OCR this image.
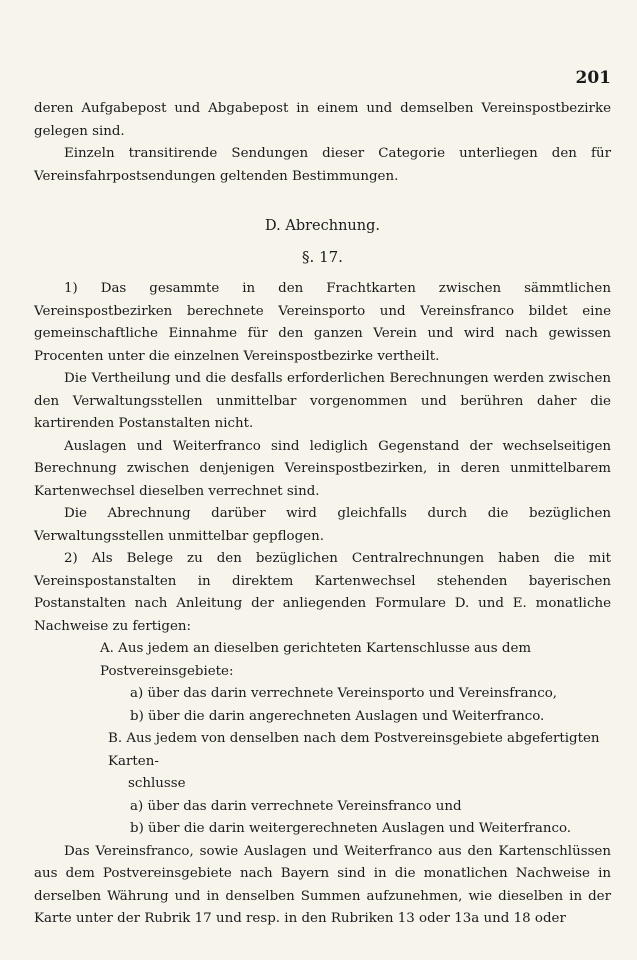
201

deren Aufgabepost und Abgabepost in einem und demselben Vereinspostbezirke gelegen sind.

Einzeln transitirende Sendungen dieser Categorie unterliegen den für Vereinsfahrpostsendungen geltenden Bestimmungen.

D. Abrechnung.

§. 17.

1) Das gesammte in den Frachtkarten zwischen sämmtlichen Vereinspostbezirken berechnete Vereinsporto und Vereinsfranco bildet eine gemeinschaftliche Einnahme für den ganzen Verein und wird nach gewissen Procenten unter die einzelnen Vereinspostbezirke vertheilt.

Die Vertheilung und die desfalls erforderlichen Berechnungen werden zwischen den Verwaltungsstellen unmittelbar vorgenommen und berühren daher die kartirenden Postanstalten nicht.

Auslagen und Weiterfranco sind lediglich Gegenstand der wechselseitigen Berechnung zwischen denjenigen Vereinspostbezirken, in deren unmittelbarem Kartenwechsel dieselben verrechnet sind.

Die Abrechnung darüber wird gleichfalls durch die bezüglichen Verwaltungsstellen unmittelbar gepflogen.

2) Als Belege zu den bezüglichen Centralrechnungen haben die mit Vereinspostanstalten in direktem Kartenwechsel stehenden bayerischen Postanstalten nach Anleitung der anliegenden Formulare D. und E. monatliche Nachweise zu fertigen:

A. Aus jedem an dieselben gerichteten Kartenschlusse aus dem Postvereinsgebiete:
a) über das darin verrechnete Vereinsporto und Vereinsfranco,
b) über die darin angerechneten Auslagen und Weiterfranco.
B. Aus jedem von denselben nach dem Postvereinsgebiete abgefertigten Karten-
schlusse
a) über das darin verrechnete Vereinsfranco und
b) über die darin weitergerechneten Auslagen und Weiterfranco.

Das Vereinsfranco, sowie Auslagen und Weiterfranco aus den Kartenschlüssen aus dem Postvereinsgebiete nach Bayern sind in die monatlichen Nachweise in derselben Währung und in denselben Summen aufzunehmen, wie dieselben in der Karte unter der Rubrik 17 und resp. in den Rubriken 13 oder 13a und 18 oder
